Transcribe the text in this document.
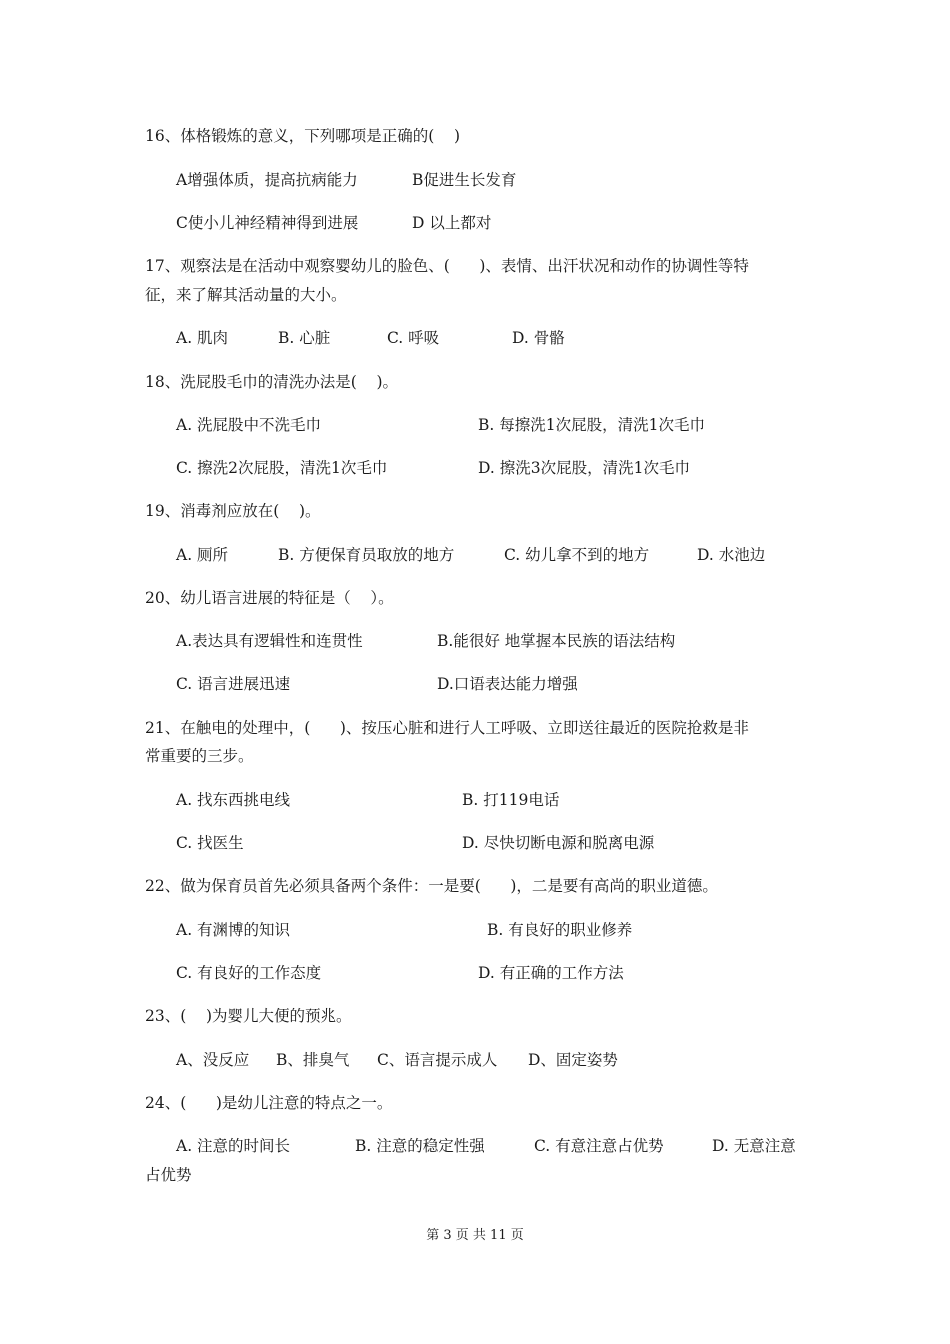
16、体格锻炼的意义，下列哪项是正确的(    )
A增强体质，提高抗病能力	B促进生长发育
C使小儿神经精神得到进展	D 以上都对
17、观察法是在活动中观察婴幼儿的脸色、(      )、表情、出汗状况和动作的协调性等特
征，来了解其活动量的大小。
A. 肌肉	B. 心脏	C. 呼吸	D. 骨骼
18、洗屁股毛巾的清洗办法是(    )。
A. 洗屁股中不洗毛巾	B. 每擦洗1次屁股，清洗1次毛巾
C. 擦洗2次屁股，清洗1次毛巾	D. 擦洗3次屁股，清洗1次毛巾
19、消毒剂应放在(    )。
A. 厕所	B. 方便保育员取放的地方	C. 幼儿拿不到的地方	D. 水池边
20、幼儿语言进展的特征是（    ）。
A.表达具有逻辑性和连贯性	B.能很好 地掌握本民族的语法结构
C. 语言进展迅速	D.口语表达能力增强
21、在触电的处理中，(      )、按压心脏和进行人工呼吸、立即送往最近的医院抢救是非
常重要的三步。
A. 找东西挑电线	B. 打119电话
C. 找医生	D. 尽快切断电源和脱离电源
22、做为保育员首先必须具备两个条件：一是要(      )，二是要有高尚的职业道德。
A. 有渊博的知识	B. 有良好的职业修养
C. 有良好的工作态度	D. 有正确的工作方法
23、(    )为婴儿大便的预兆。
A、没反应 B、排臭气 C、语言提示成人 D、固定姿势
24、(      )是幼儿注意的特点之一。
A. 注意的时间长	B. 注意的稳定性强	C. 有意注意占优势	D. 无意注意
占优势
第 3 页 共 11 页
